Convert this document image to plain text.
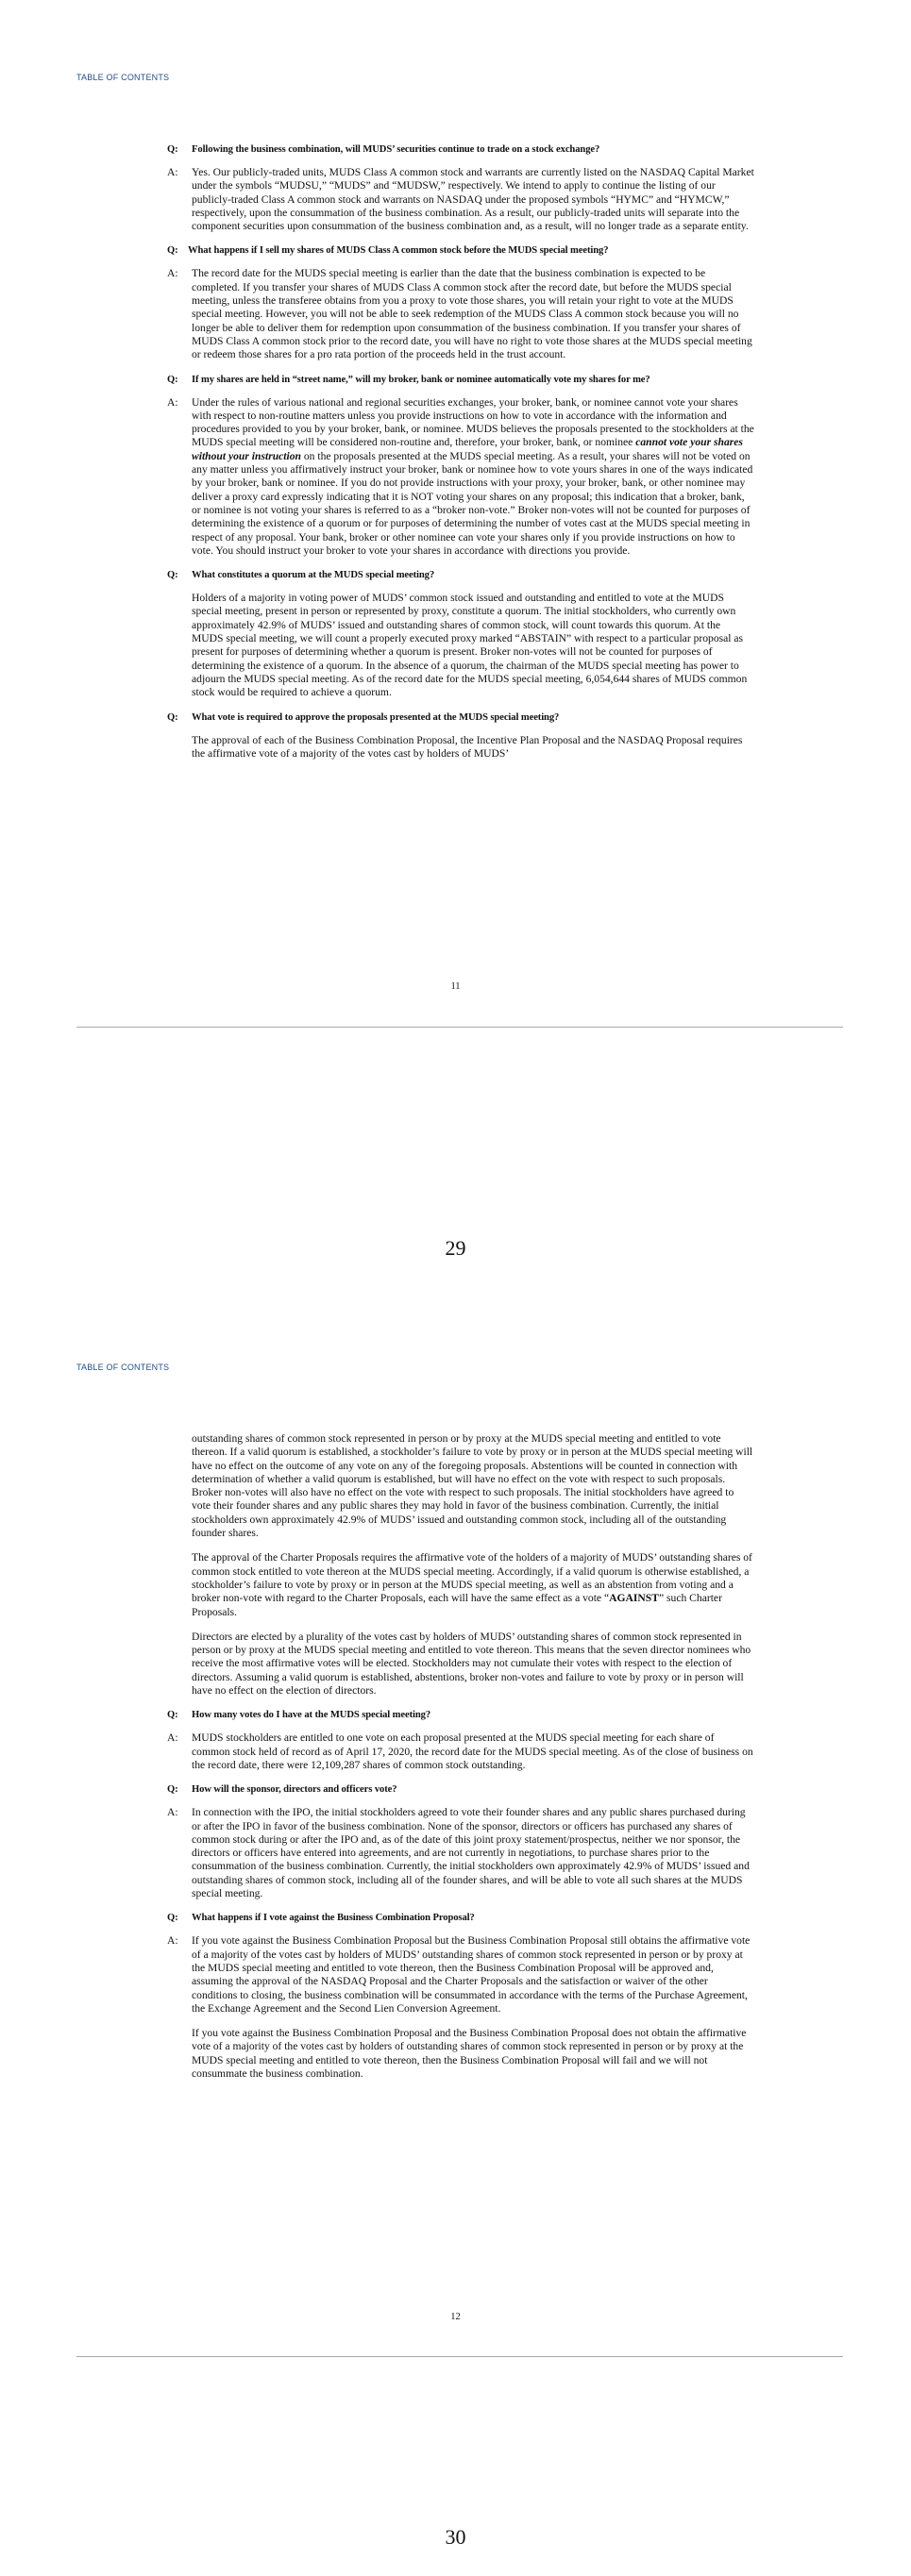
TABLE OF CONTENTS
Q:	Following the business combination, will MUDS’ securities continue to trade on a stock exchange?
A:	Yes. Our publicly-traded units, MUDS Class A common stock and warrants are currently listed on the NASDAQ Capital Market under the symbols “MUDSU,” “MUDS” and “MUDSW,” respectively. We intend to apply to continue the listing of our publicly-traded Class A common stock and warrants on NASDAQ under the proposed symbols “HYMC” and “HYMCW,” respectively, upon the consummation of the business combination. As a result, our publicly-traded units will separate into the component securities upon consummation of the business combination and, as a result, will no longer trade as a separate entity.
Q: What happens if I sell my shares of MUDS Class A common stock before the MUDS special meeting?
A:	The record date for the MUDS special meeting is earlier than the date that the business combination is expected to be completed. If you transfer your shares of MUDS Class A common stock after the record date, but before the MUDS special meeting, unless the transferee obtains from you a proxy to vote those shares, you will retain your right to vote at the MUDS special meeting. However, you will not be able to seek redemption of the MUDS Class A common stock because you will no longer be able to deliver them for redemption upon consummation of the business combination. If you transfer your shares of MUDS Class A common stock prior to the record date, you will have no right to vote those shares at the MUDS special meeting or redeem those shares for a pro rata portion of the proceeds held in the trust account.
Q:	If my shares are held in “street name,” will my broker, bank or nominee automatically vote my shares for me?
A:	Under the rules of various national and regional securities exchanges, your broker, bank, or nominee cannot vote your shares with respect to non-routine matters unless you provide instructions on how to vote in accordance with the information and procedures provided to you by your broker, bank, or nominee. MUDS believes the proposals presented to the stockholders at the MUDS special meeting will be considered non-routine and, therefore, your broker, bank, or nominee cannot vote your shares without your instruction on the proposals presented at the MUDS special meeting. As a result, your shares will not be voted on any matter unless you affirmatively instruct your broker, bank or nominee how to vote yours shares in one of the ways indicated by your broker, bank or nominee. If you do not provide instructions with your proxy, your broker, bank, or other nominee may deliver a proxy card expressly indicating that it is NOT voting your shares on any proposal; this indication that a broker, bank, or nominee is not voting your shares is referred to as a “broker non-vote.” Broker non-votes will not be counted for purposes of determining the existence of a quorum or for purposes of determining the number of votes cast at the MUDS special meeting in respect of any proposal. Your bank, broker or other nominee can vote your shares only if you provide instructions on how to vote. You should instruct your broker to vote your shares in accordance with directions you provide.
Q:	What constitutes a quorum at the MUDS special meeting?
Holders of a majority in voting power of MUDS’ common stock issued and outstanding and entitled to vote at the MUDS special meeting, present in person or represented by proxy, constitute a quorum. The initial stockholders, who currently own approximately 42.9% of MUDS’ issued and outstanding shares of common stock, will count towards this quorum. At the MUDS special meeting, we will count a properly executed proxy marked “ABSTAIN” with respect to a particular proposal as present for purposes of determining whether a quorum is present. Broker non-votes will not be counted for purposes of determining the existence of a quorum. In the absence of a quorum, the chairman of the MUDS special meeting has power to adjourn the MUDS special meeting. As of the record date for the MUDS special meeting, 6,054,644 shares of MUDS common stock would be required to achieve a quorum.
Q:	What vote is required to approve the proposals presented at the MUDS special meeting?
The approval of each of the Business Combination Proposal, the Incentive Plan Proposal and the NASDAQ Proposal requires the affirmative vote of a majority of the votes cast by holders of MUDS’
11
29
TABLE OF CONTENTS
outstanding shares of common stock represented in person or by proxy at the MUDS special meeting and entitled to vote thereon. If a valid quorum is established, a stockholder’s failure to vote by proxy or in person at the MUDS special meeting will have no effect on the outcome of any vote on any of the foregoing proposals. Abstentions will be counted in connection with determination of whether a valid quorum is established, but will have no effect on the vote with respect to such proposals. Broker non-votes will also have no effect on the vote with respect to such proposals. The initial stockholders have agreed to vote their founder shares and any public shares they may hold in favor of the business combination. Currently, the initial stockholders own approximately 42.9% of MUDS’ issued and outstanding common stock, including all of the outstanding founder shares.
The approval of the Charter Proposals requires the affirmative vote of the holders of a majority of MUDS’ outstanding shares of common stock entitled to vote thereon at the MUDS special meeting. Accordingly, if a valid quorum is otherwise established, a stockholder’s failure to vote by proxy or in person at the MUDS special meeting, as well as an abstention from voting and a broker non-vote with regard to the Charter Proposals, each will have the same effect as a vote “AGAINST” such Charter Proposals.
Directors are elected by a plurality of the votes cast by holders of MUDS’ outstanding shares of common stock represented in person or by proxy at the MUDS special meeting and entitled to vote thereon. This means that the seven director nominees who receive the most affirmative votes will be elected. Stockholders may not cumulate their votes with respect to the election of directors. Assuming a valid quorum is established, abstentions, broker non-votes and failure to vote by proxy or in person will have no effect on the election of directors.
Q:	How many votes do I have at the MUDS special meeting?
A:	MUDS stockholders are entitled to one vote on each proposal presented at the MUDS special meeting for each share of common stock held of record as of April 17, 2020, the record date for the MUDS special meeting. As of the close of business on the record date, there were 12,109,287 shares of common stock outstanding.
Q:	How will the sponsor, directors and officers vote?
A:	In connection with the IPO, the initial stockholders agreed to vote their founder shares and any public shares purchased during or after the IPO in favor of the business combination. None of the sponsor, directors or officers has purchased any shares of common stock during or after the IPO and, as of the date of this joint proxy statement/prospectus, neither we nor sponsor, the directors or officers have entered into agreements, and are not currently in negotiations, to purchase shares prior to the consummation of the business combination. Currently, the initial stockholders own approximately 42.9% of MUDS’ issued and outstanding shares of common stock, including all of the founder shares, and will be able to vote all such shares at the MUDS special meeting.
Q:	What happens if I vote against the Business Combination Proposal?
A:	If you vote against the Business Combination Proposal but the Business Combination Proposal still obtains the affirmative vote of a majority of the votes cast by holders of MUDS’ outstanding shares of common stock represented in person or by proxy at the MUDS special meeting and entitled to vote thereon, then the Business Combination Proposal will be approved and, assuming the approval of the NASDAQ Proposal and the Charter Proposals and the satisfaction or waiver of the other conditions to closing, the business combination will be consummated in accordance with the terms of the Purchase Agreement, the Exchange Agreement and the Second Lien Conversion Agreement.
If you vote against the Business Combination Proposal and the Business Combination Proposal does not obtain the affirmative vote of a majority of the votes cast by holders of outstanding shares of common stock represented in person or by proxy at the MUDS special meeting and entitled to vote thereon, then the Business Combination Proposal will fail and we will not consummate the business combination.
12
30
